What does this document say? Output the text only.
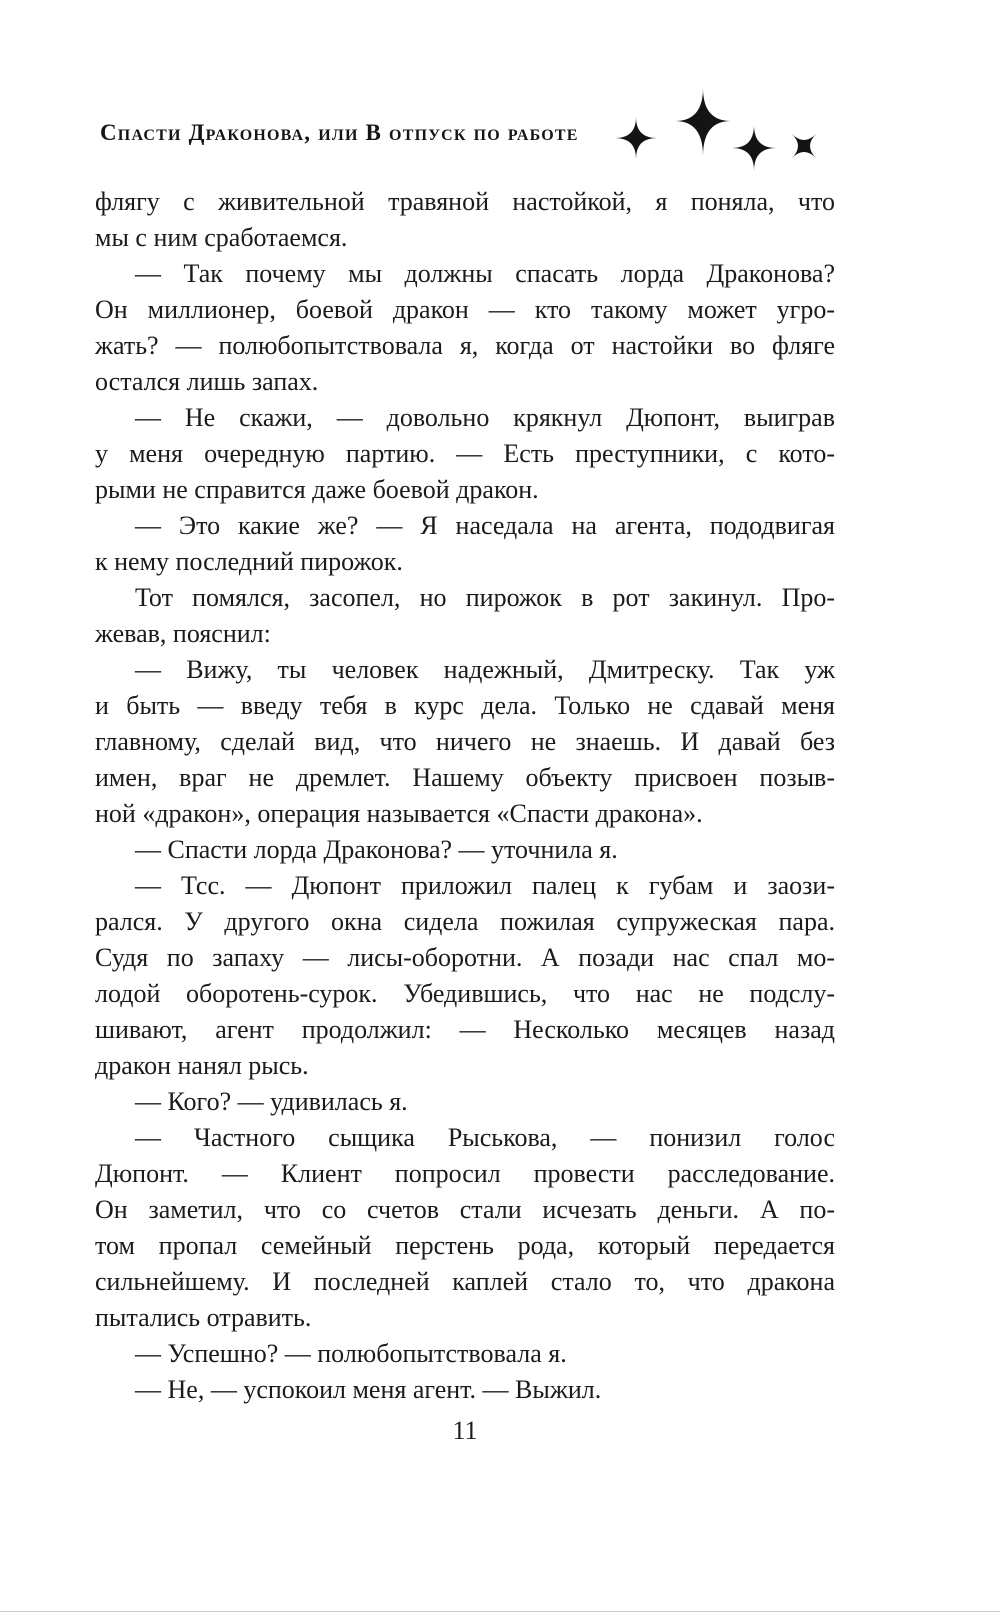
Спасти Драконова, или В отпуск по работе
флягу с живительной травяной настойкой, я поняла, что
мы с ним сработаемся.
— Так почему мы должны спасать лорда Драконова?
Он миллионер, боевой дракон — кто такому может угро-
жать? — полюбопытствовала я, когда от настойки во фляге
остался лишь запах.
— Не скажи, — довольно крякнул Дюпонт, выиграв
у меня очередную партию. — Есть преступники, с кото-
рыми не справится даже боевой дракон.
— Это какие же? — Я наседала на агента, пододвигая
к нему последний пирожок.
Тот помялся, засопел, но пирожок в рот закинул. Про-
жевав, пояснил:
— Вижу, ты человек надежный, Дмитреску. Так уж
и быть — введу тебя в курс дела. Только не сдавай меня
главному, сделай вид, что ничего не знаешь. И давай без
имен, враг не дремлет. Нашему объекту присвоен позыв-
ной «дракон», операция называется «Спасти дракона».
— Спасти лорда Драконова? — уточнила я.
— Тсс. — Дюпонт приложил палец к губам и заози-
рался. У другого окна сидела пожилая супружеская пара.
Судя по запаху — лисы-оборотни. А позади нас спал мо-
лодой оборотень-сурок. Убедившись, что нас не подслу-
шивают, агент продолжил: — Несколько месяцев назад
дракон нанял рысь.
— Кого? — удивилась я.
— Частного сыщика Рыськова, — понизил голос
Дюпонт. — Клиент попросил провести расследование.
Он заметил, что со счетов стали исчезать деньги. А по-
том пропал семейный перстень рода, который передается
сильнейшему. И последней каплей стало то, что дракона
пытались отравить.
— Успешно? — полюбопытствовала я.
— Не, — успокоил меня агент. — Выжил.
11
